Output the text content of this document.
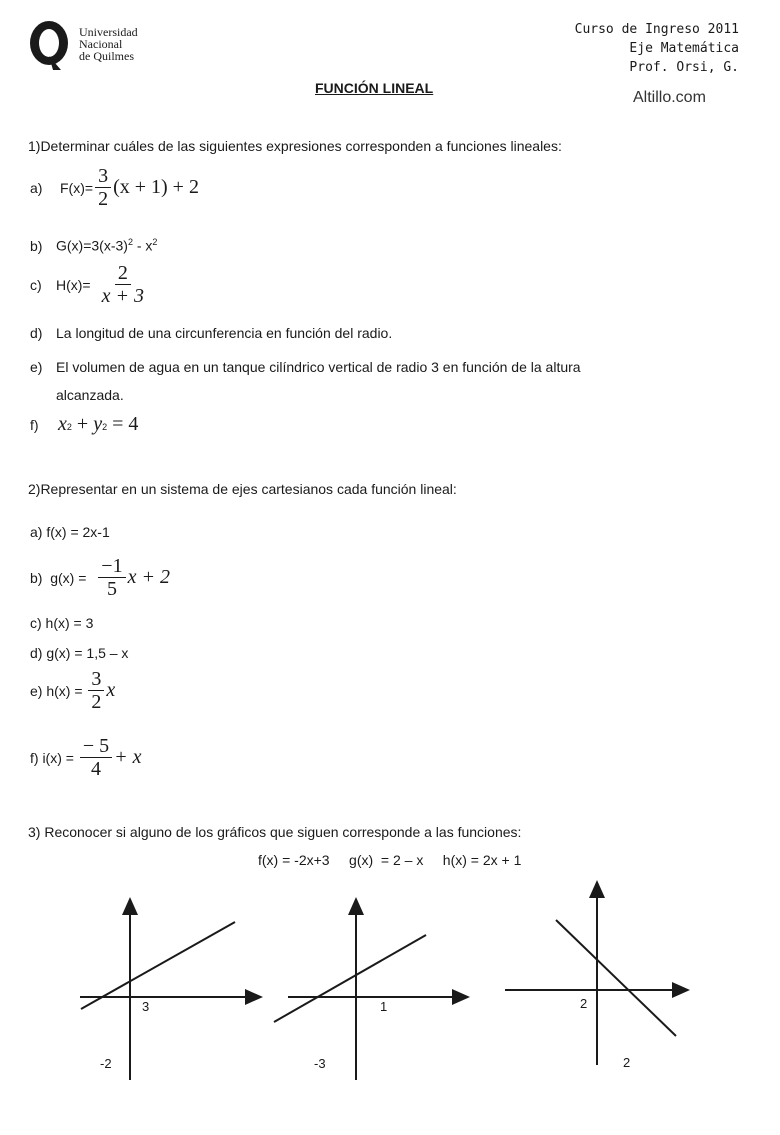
Universidad
Nacional
de Quilmes
Curso de Ingreso 2011
Eje Matemática
Prof. Orsi, G.
FUNCIÓN LINEAL
Altillo.com
1)Determinar cuáles de las siguientes expresiones corresponden a funciones lineales:
a)	$F(x)= \frac{3}{2} (x + 1) + 2$
b) $G(x)=3(x-3)^2 - x^2$
c)	$H(x)= \frac{2}{x + 3}$
d) La longitud de una circunferencia en función del radio.
e) El volumen de agua en un tanque cilíndrico vertical de radio 3 en función de la altura
alcanzada.
f) x 2 + y 2 = 4
2)Representar en un sistema de ejes cartesianos cada función lineal:
a) f(x) = 2x-1
b)  $g(x) = \frac{-1}{5}$ x + 2
c) h(x) = 3
d) g(x) = 1,5 – x
e) $h(x) = \frac{3}{2}$ x
f) $i(x) = \frac{- 5}{4} + x$
3) Reconocer si alguno de los gráficos que siguen corresponde a las funciones:
f(x) = -2x+3     g(x)  = 2 – x     h(x) = 2x + 1
3
-2
1
-3
2
2
